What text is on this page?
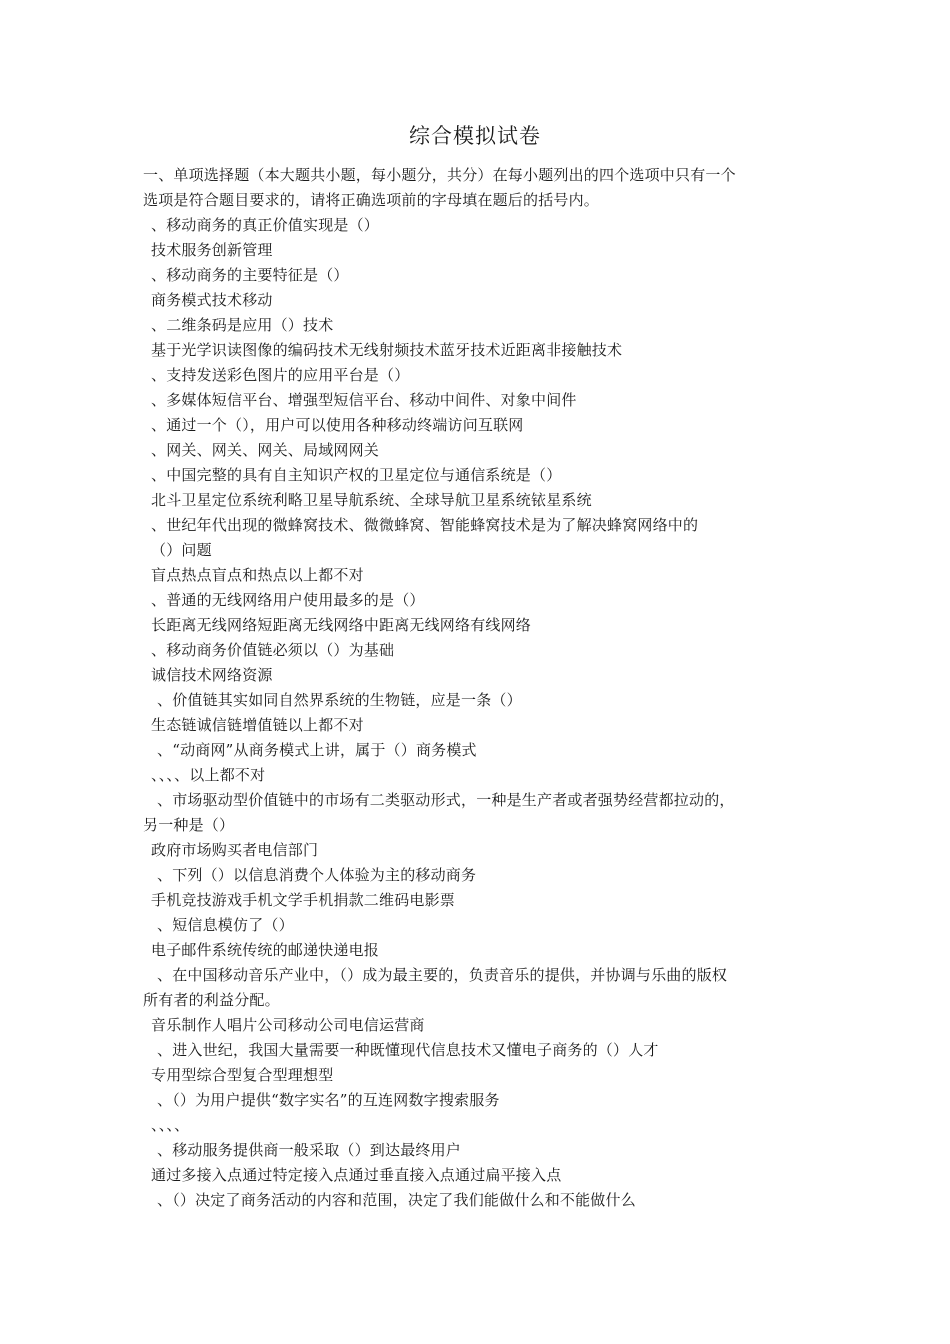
综合模拟试卷
一、单项选择题（本大题共小题，每小题分，共分）在每小题列出的四个选项中只有一个
选项是符合题目要求的，请将正确选项前的字母填在题后的括号内。
、移动商务的真正价值实现是（）
技术服务创新管理
、移动商务的主要特征是（）
商务模式技术移动
、二维条码是应用（）技术
基于光学识读图像的编码技术无线射频技术蓝牙技术近距离非接触技术
、支持发送彩色图片的应用平台是（）
、多媒体短信平台、增强型短信平台、移动中间件、对象中间件
、通过一个（），用户可以使用各种移动终端访问互联网
、网关、网关、网关、局域网网关
、中国完整的具有自主知识产权的卫星定位与通信系统是（）
北斗卫星定位系统利略卫星导航系统、全球导航卫星系统铱星系统
、世纪年代出现的微蜂窝技术、微微蜂窝、智能蜂窝技术是为了解决蜂窝网络中的
（）问题
盲点热点盲点和热点以上都不对
、普通的无线网络用户使用最多的是（）
长距离无线网络短距离无线网络中距离无线网络有线网络
、移动商务价值链必须以（）为基础
诚信技术网络资源
、价值链其实如同自然界系统的生物链，应是一条（）
生态链诚信链增值链以上都不对
、“动商网”从商务模式上讲，属于（）商务模式
、、、、以上都不对
、市场驱动型价值链中的市场有二类驱动形式，一种是生产者或者强势经营都拉动的，
另一种是（）
政府市场购买者电信部门
、下列（）以信息消费个人体验为主的移动商务
手机竞技游戏手机文学手机捐款二维码电影票
、短信息模仿了（）
电子邮件系统传统的邮递快递电报
、在中国移动音乐产业中，（）成为最主要的，负责音乐的提供，并协调与乐曲的版权
所有者的利益分配。
音乐制作人唱片公司移动公司电信运营商
、进入世纪，我国大量需要一种既懂现代信息技术又懂电子商务的（）人才
专用型综合型复合型理想型
、（）为用户提供“数字实名”的互连网数字搜索服务
、、、、
、移动服务提供商一般采取（）到达最终用户
通过多接入点通过特定接入点通过垂直接入点通过扁平接入点
、（）决定了商务活动的内容和范围，决定了我们能做什么和不能做什么
